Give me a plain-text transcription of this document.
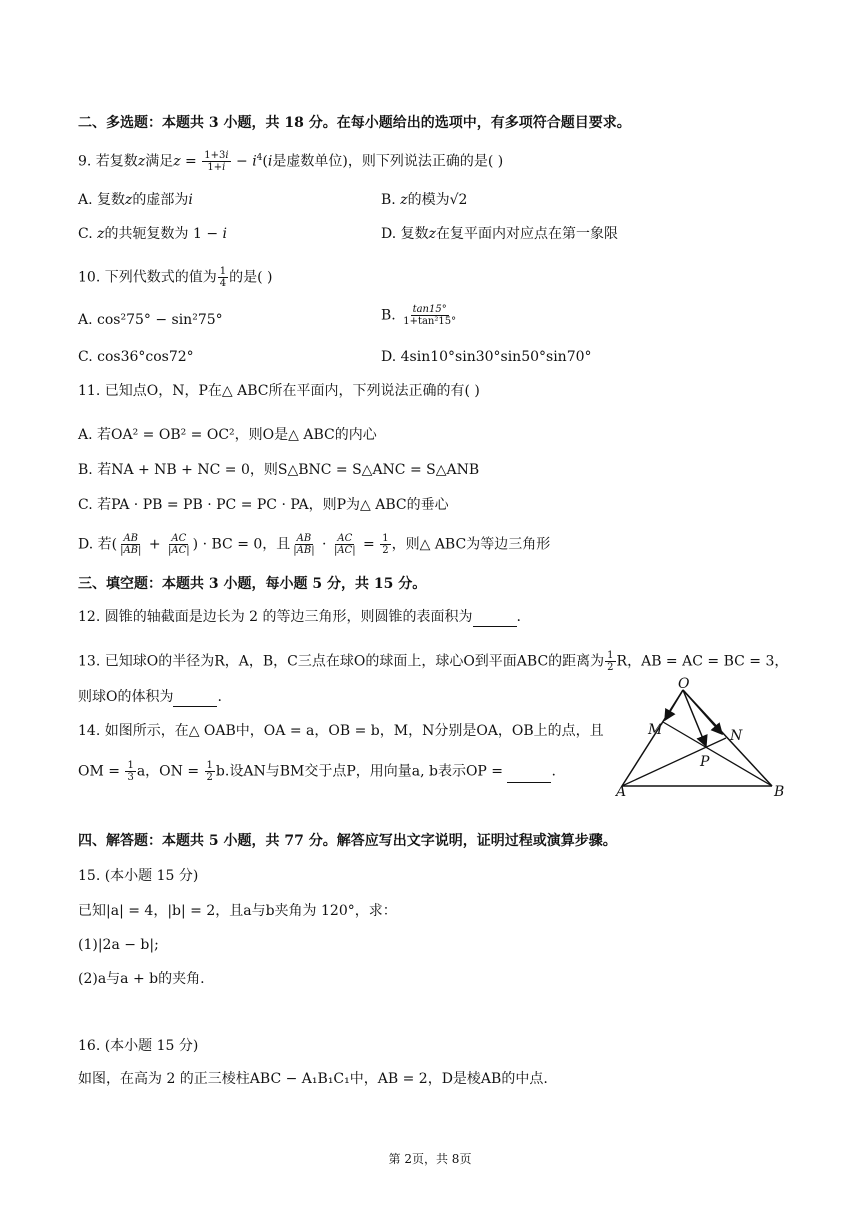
二、多选题：本题共 3 小题，共 18 分。在每小题给出的选项中，有多项符合题目要求。
9. 若复数z满足$z = \frac{1+3i}{1+i} - i^4(i$是虚数单位)，则下列说法正确的是( )
A. 复数z的虚部为i	B. z的模为√2
C. z的共轭复数为 1 − i	D. 复数z在复平面内对应点在第一象限
10. 下列代数式的值为 $\frac{1}{4}$ 的是( )
A. cos²75° − sin²75°	B. $\frac{\tan 15^\circ}{\text{1+tan²15°}}$
C. cos36°cos72°	D. 4sin10°sin30°sin50°sin70°
11. 已知点O，N，P在△ ABC所在平面内，下列说法正确的有( )
A. 若OA² = OB² = OC²，则O是△ ABC的内心
B. 若NA + NB + NC = 0，则S△BNC = S△ANC = S△ANB
C. 若PA · PB = PB · PC = PC · PA，则P为△ ABC的垂心
D. 若( $\frac{AB}{|AB|} + \frac{AC}{|AC|}$ ) · BC = 0，且 $\frac{AB}{|AB|} \cdot \frac{AC}{|AC|} = \frac{1}{2}$ ，则△ ABC为等边三角形
三、填空题：本题共 3 小题，每小题 5 分，共 15 分。
12. 圆锥的轴截面是边长为 2 的等边三角形，则圆锥的表面积为	.
13. 已知球O的半径为R，A，B，C三点在球O的球面上，球心O到平面ABC的距离为 $\frac{1}{2}$ R，AB = AC = BC = 3，
则球O的体积为	.
14. 如图所示，在△ OAB中，OA = a，OB = b，M，N分别是OA，OB上的点，且
OM = $\frac{1}{3}$ a，ON = $\frac{1}{2} b$.设AN与BM交于点P，用向量a, b表示OP =	.
O
M	N
P
A	B
四、解答题：本题共 5 小题，共 77 分。解答应写出文字说明，证明过程或演算步骤。
15. (本小题 15 分)
已知|a| = 4，|b| = 2，且a与b夹角为 120°，求：
(1)|2a − b|;
(2)a与a + b的夹角.
16. (本小题 15 分)
如图，在高为 2 的正三棱柱ABC − A₁B₁C₁中，AB = 2，D是棱AB的中点.
第 2页，共 8页
